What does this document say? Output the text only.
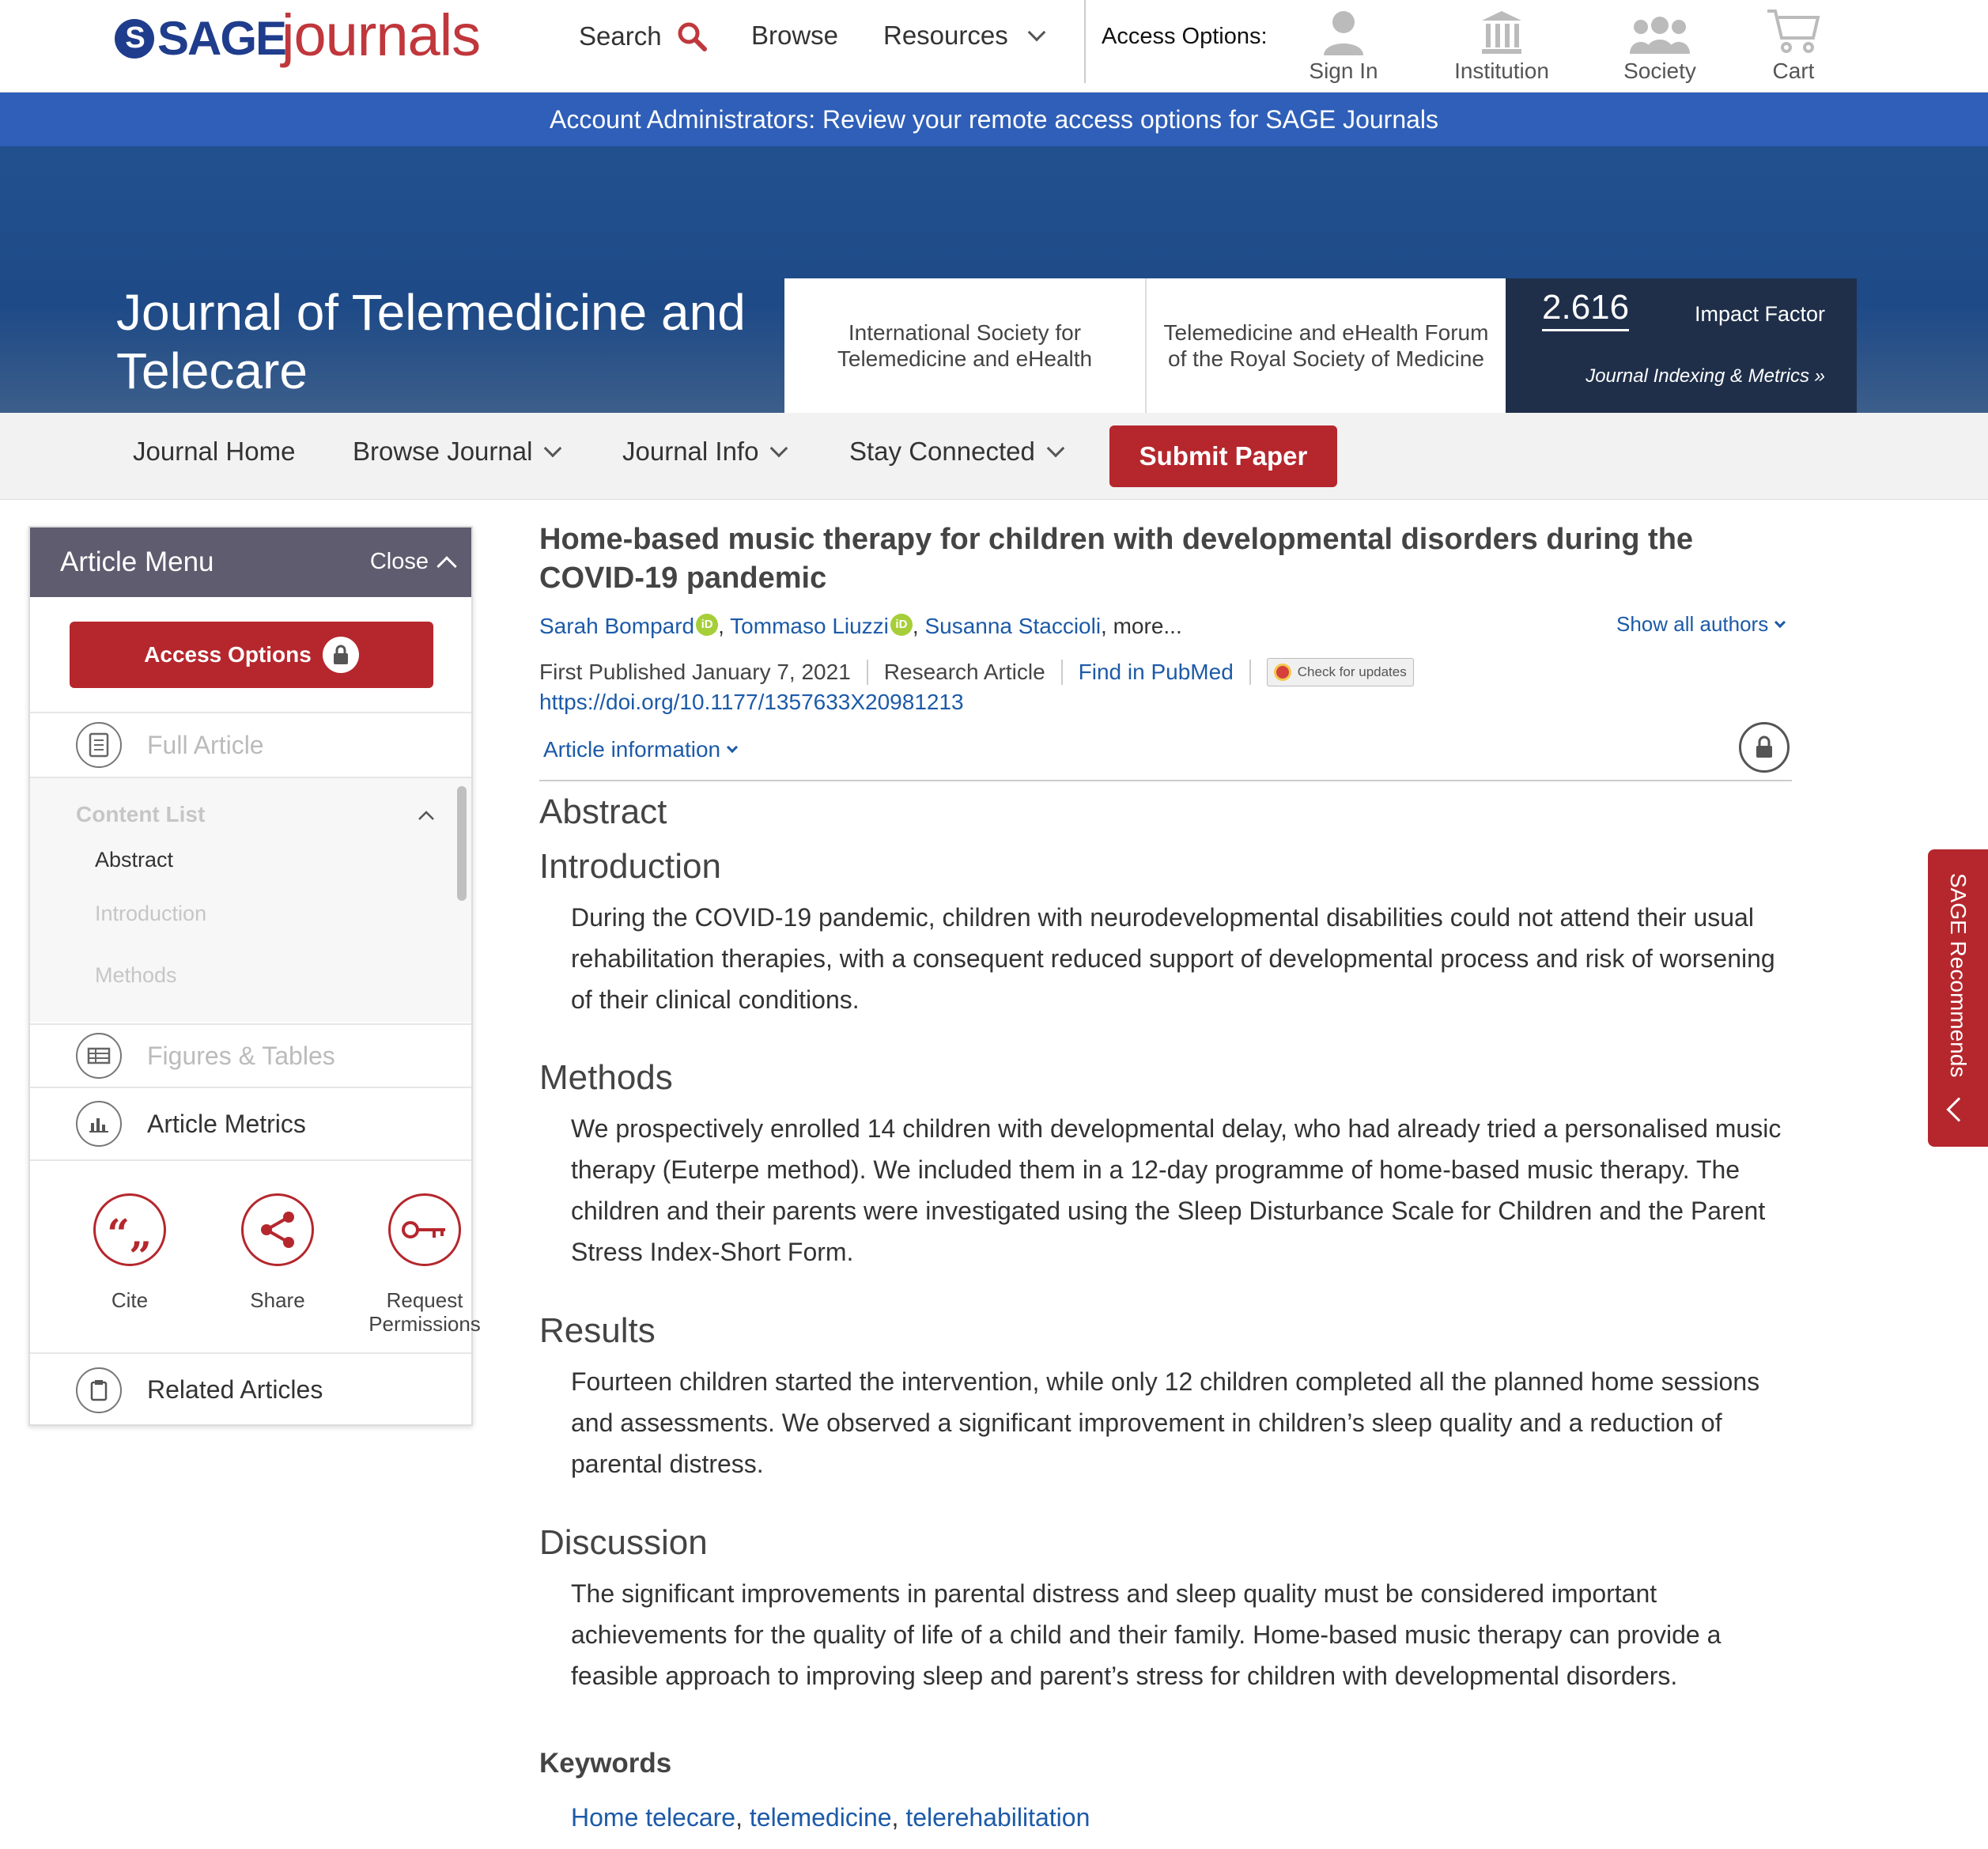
S SAGE
journals	Search	Browse Resources	Access Options:
Sign In	Institution	Society	Cart
Account Administrators: Review your remote access options for SAGE Journals
Journal of Telemedicine and Telecare
International Society for Telemedicine and eHealth
Telemedicine and eHealth Forum of the Royal Society of Medicine
2.616	Impact Factor
Journal Indexing & Metrics »
Journal Home Browse Journal	Journal Info	Stay Connected	Submit Paper
Article Menu	Close
Access Options
Full Article
Content List
Abstract
Introduction
Methods
Figures & Tables
Article Metrics
“„
Cite	Share	Request Permissions
Related Articles
Home-based music therapy for children with developmental disorders during the COVID-19 pandemic
Sarah Bompard iD , Tommaso Liuzzi iD , Susanna Staccioli, more...	Show all authors
First Published January 7, 2021 Research Article Find in PubMed	Check for updates
https://doi.org/10.1177/1357633X20981213
Article information
Abstract
Introduction
During the COVID-19 pandemic, children with neurodevelopmental disabilities could not attend their usual rehabilitation therapies, with a consequent reduced support of developmental process and risk of worsening of their clinical conditions.
Methods
We prospectively enrolled 14 children with developmental delay, who had already tried a personalised music therapy (Euterpe method). We included them in a 12-day programme of home-based music therapy. The children and their parents were investigated using the Sleep Disturbance Scale for Children and the Parent Stress Index-Short Form.
Results
Fourteen children started the intervention, while only 12 children completed all the planned home sessions and assessments. We observed a significant improvement in children’s sleep quality and a reduction of parental distress.
Discussion
The significant improvements in parental distress and sleep quality must be considered important achievements for the quality of life of a child and their family. Home-based music therapy can provide a feasible approach to improving sleep and parent’s stress for children with developmental disorders.
Keywords
Home telecare, telemedicine, telerehabilitation
SAGE Recommends
